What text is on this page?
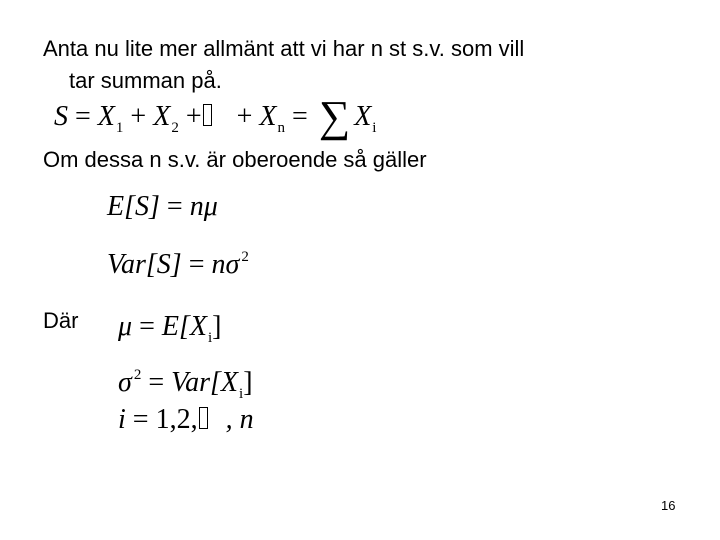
Anta nu lite mer allmänt att vi har n st s.v. som vill
tar summan på.
$S = X_1 + X_2$ + + $X_n$ = ∑ $X_i$
Om dessa n s.v. är oberoende så gäller
E[S] = nμ
Var[S] = nσ $^2$
Där $\mu = E[X_i]$
σ $^2 = Var[X_i]$
i = 1,2, , n
16
